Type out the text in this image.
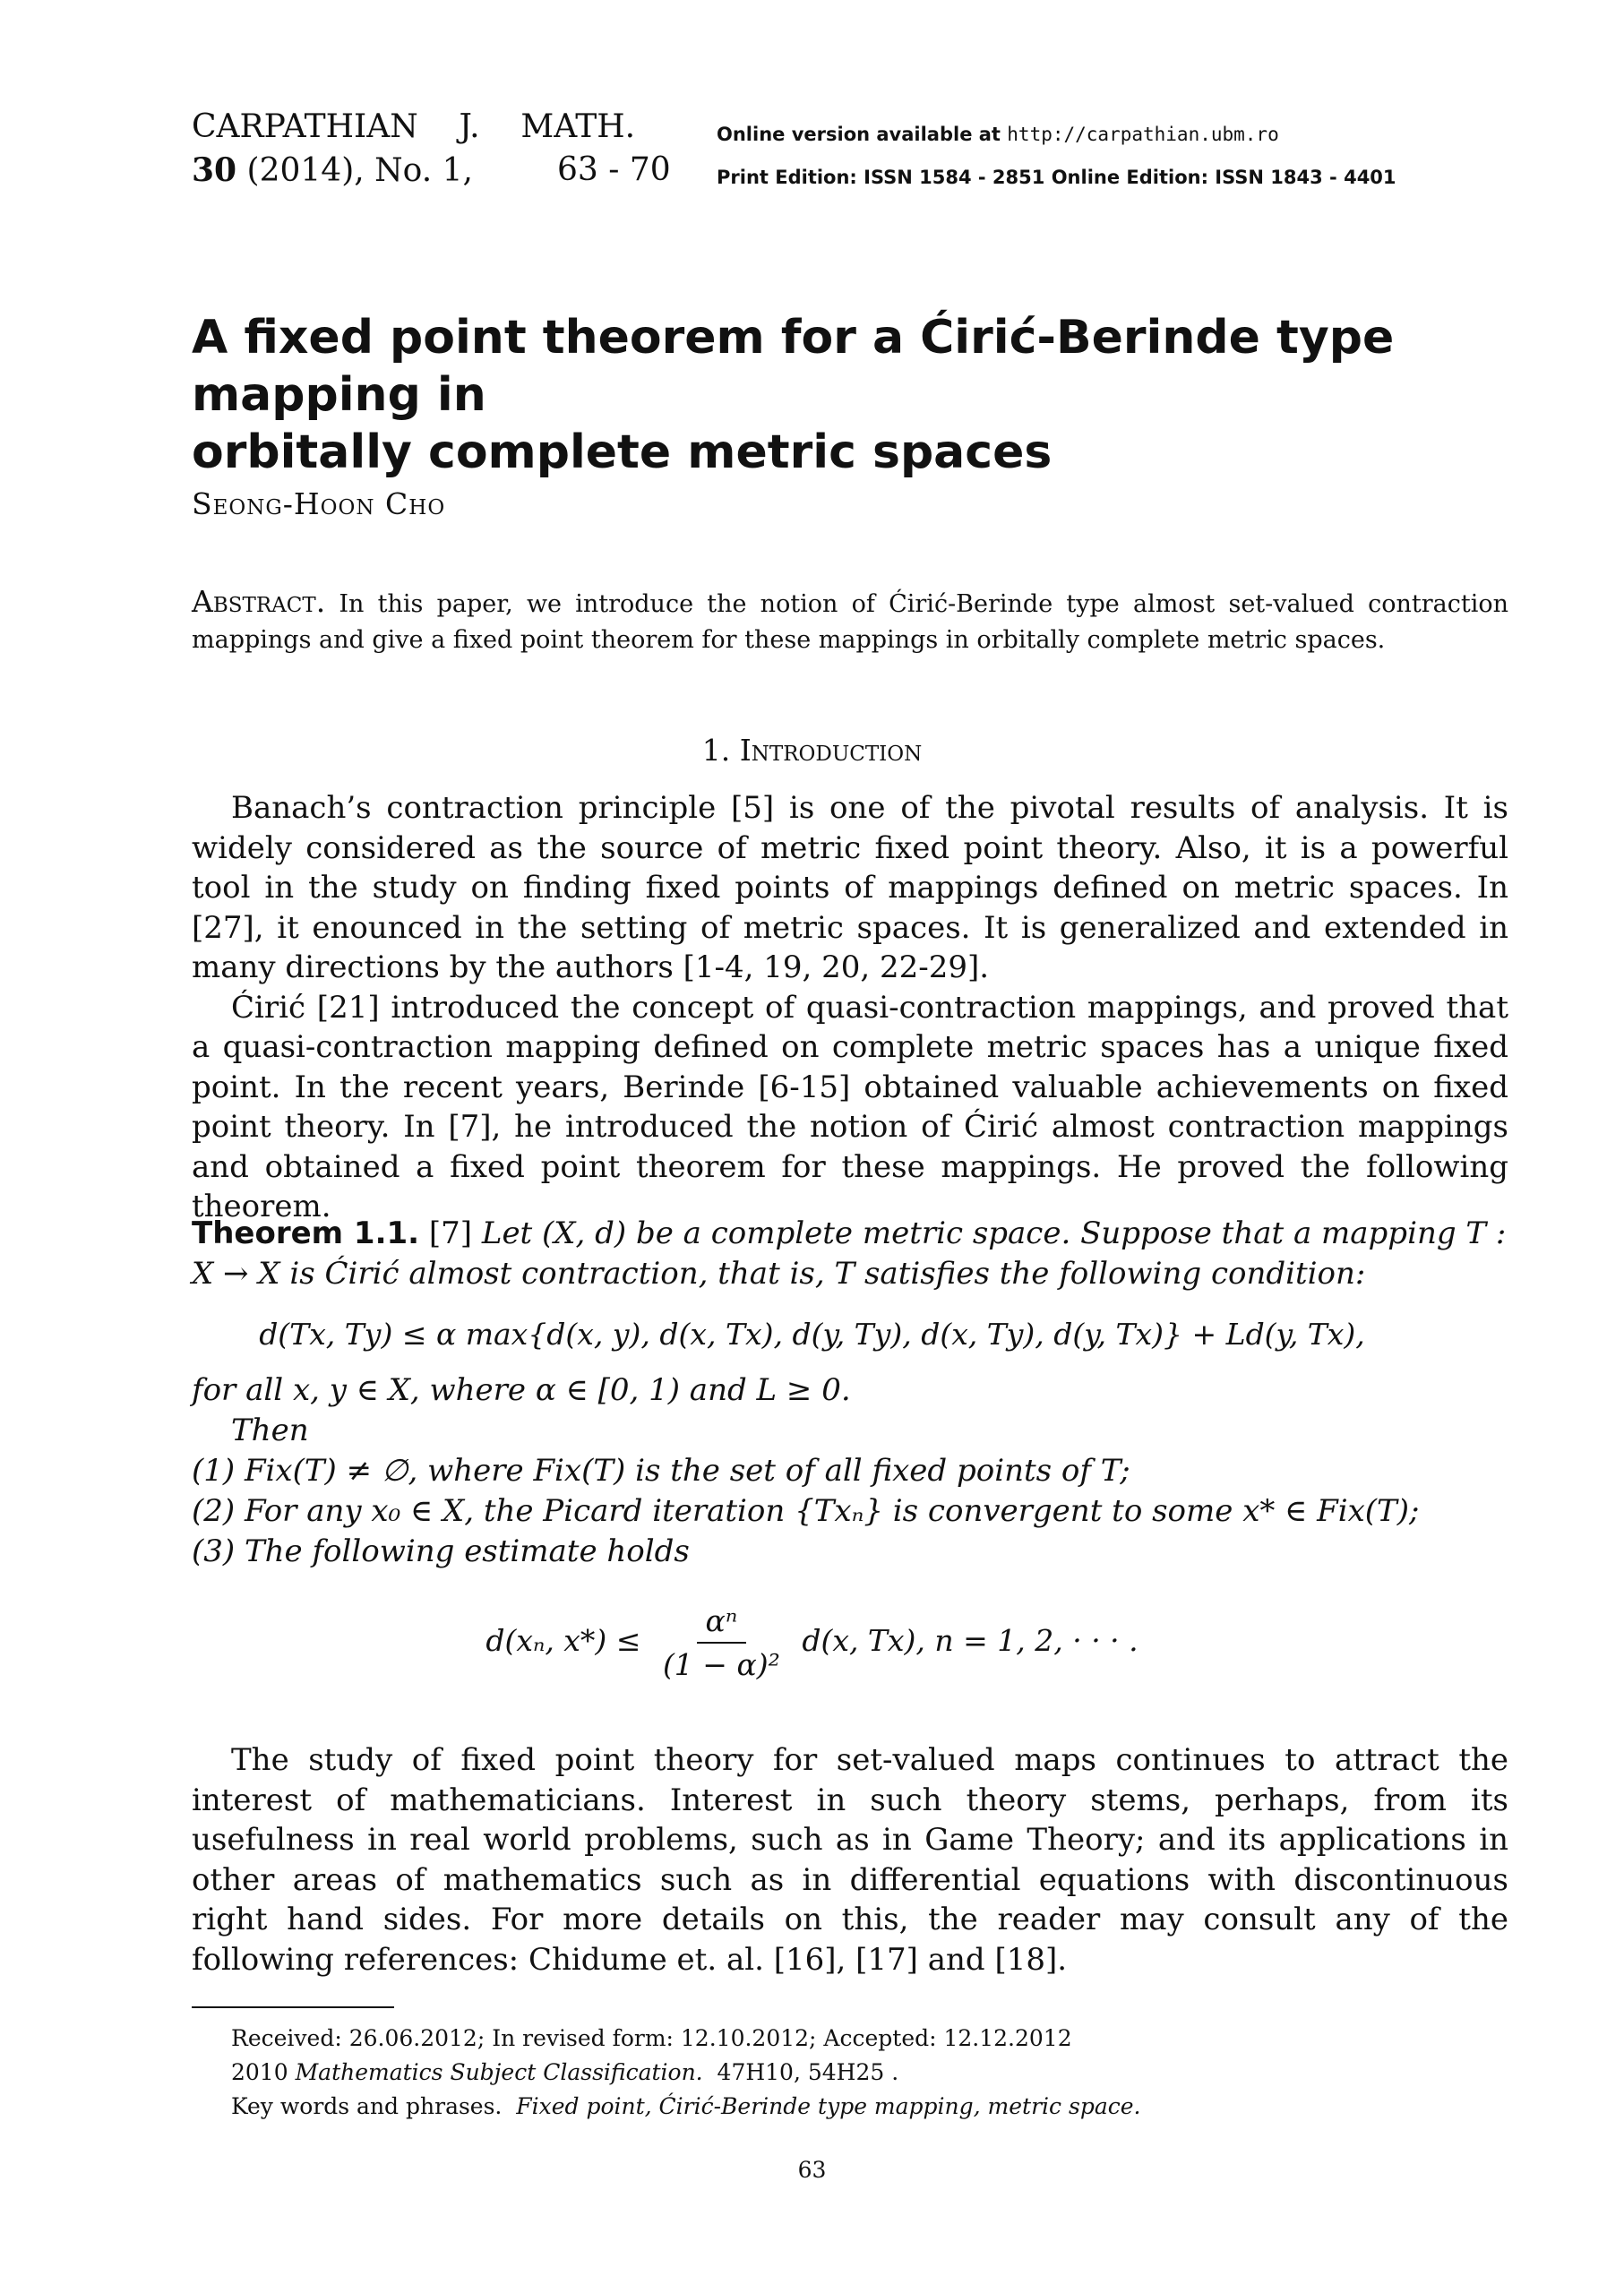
CARPATHIAN    J.    MATH.
30 (2014), No. 1,	63 - 70
Online version available at http://carpathian.ubm.ro
Print Edition: ISSN 1584 - 2851 Online Edition: ISSN 1843 - 4401
A fixed point theorem for a Ćirić-Berinde type mapping in
orbitally complete metric spaces
Seong-Hoon Cho
Abstract. In this paper, we introduce the notion of Ćirić-Berinde type almost set-valued contraction mappings and give a fixed point theorem for these mappings in orbitally complete metric spaces.
1. Introduction

Banach’s contraction principle [5] is one of the pivotal results of analysis. It is widely considered as the source of metric fixed point theory. Also, it is a powerful tool in the study on finding fixed points of mappings defined on metric spaces. In [27], it enounced in the setting of metric spaces. It is generalized and extended in many directions by the authors [1-4, 19, 20, 22-29].

Ćirić [21] introduced the concept of quasi-contraction mappings, and proved that a quasi-contraction mapping defined on complete metric spaces has a unique fixed point. In the recent years, Berinde [6-15] obtained valuable achievements on fixed point theory. In [7], he introduced the notion of Ćirić almost contraction mappings and obtained a fixed point theorem for these mappings. He proved the following theorem.

Theorem 1.1. [7] Let (X, d) be a complete metric space. Suppose that a mapping T : X → X is Ćirić almost contraction, that is, T satisfies the following condition:
d(Tx, Ty) ≤ α max{d(x, y), d(x, Tx), d(y, Ty), d(x, Ty), d(y, Tx)} + Ld(y, Tx),
for all x, y ∈ X, where α ∈ [0, 1) and L ≥ 0.
Then
(1) Fix(T) ≠ ∅, where Fix(T) is the set of all fixed points of T;
(2) For any x₀ ∈ X, the Picard iteration {Txₙ} is convergent to some x* ∈ Fix(T);
(3) The following estimate holds
d(xₙ, $x*) \le \frac{\text{αⁿ}}{\text{(1 − α)²}} d(x$, Tx), n = 1, 2, · · · .

The study of fixed point theory for set-valued maps continues to attract the interest of mathematicians. Interest in such theory stems, perhaps, from its usefulness in real world problems, such as in Game Theory; and its applications in other areas of mathematics such as in differential equations with discontinuous right hand sides. For more details on this, the reader may consult any of the following references: Chidume et. al. [16], [17] and [18].

Received: 26.06.2012; In revised form: 12.10.2012; Accepted: 12.12.2012
2010 Mathematics Subject Classification.  47H10, 54H25 .
Key words and phrases.  Fixed point, Ćirić-Berinde type mapping, metric space.
63
